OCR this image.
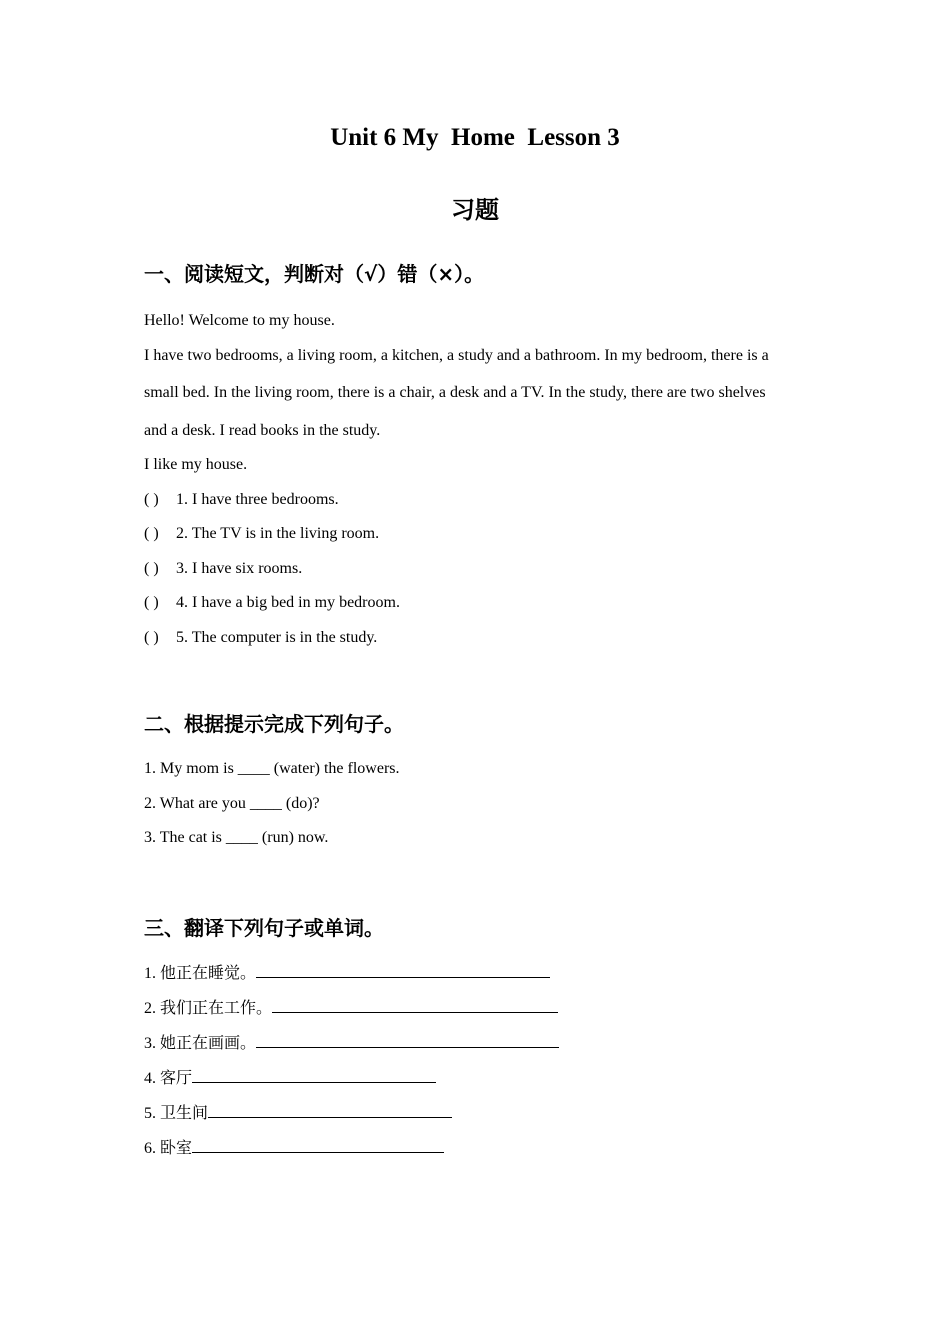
Unit 6 My  Home  Lesson 3
习题
一、阅读短文，判断对（√）错（×）。
Hello! Welcome to my house.
I have two bedrooms, a living room, a kitchen, a study and a bathroom. In my bedroom, there is a
small bed. In the living room, there is a chair, a desk and a TV. In the study, there are two shelves
and a desk. I read books in the study.
I like my house.
( ) 1. I have three bedrooms.
( ) 2. The TV is in the living room.
( ) 3. I have six rooms.
( ) 4. I have a big bed in my bedroom.
( ) 5. The computer is in the study.
二、根据提示完成下列句子。
1. My mom is ____ (water) the flowers.
2. What are you ____ (do)?
3. The cat is ____ (run) now.
三、翻译下列句子或单词。
1. 他正在睡觉。
2. 我们正在工作。
3. 她正在画画。
4. 客厅
5. 卫生间
6. 卧室
